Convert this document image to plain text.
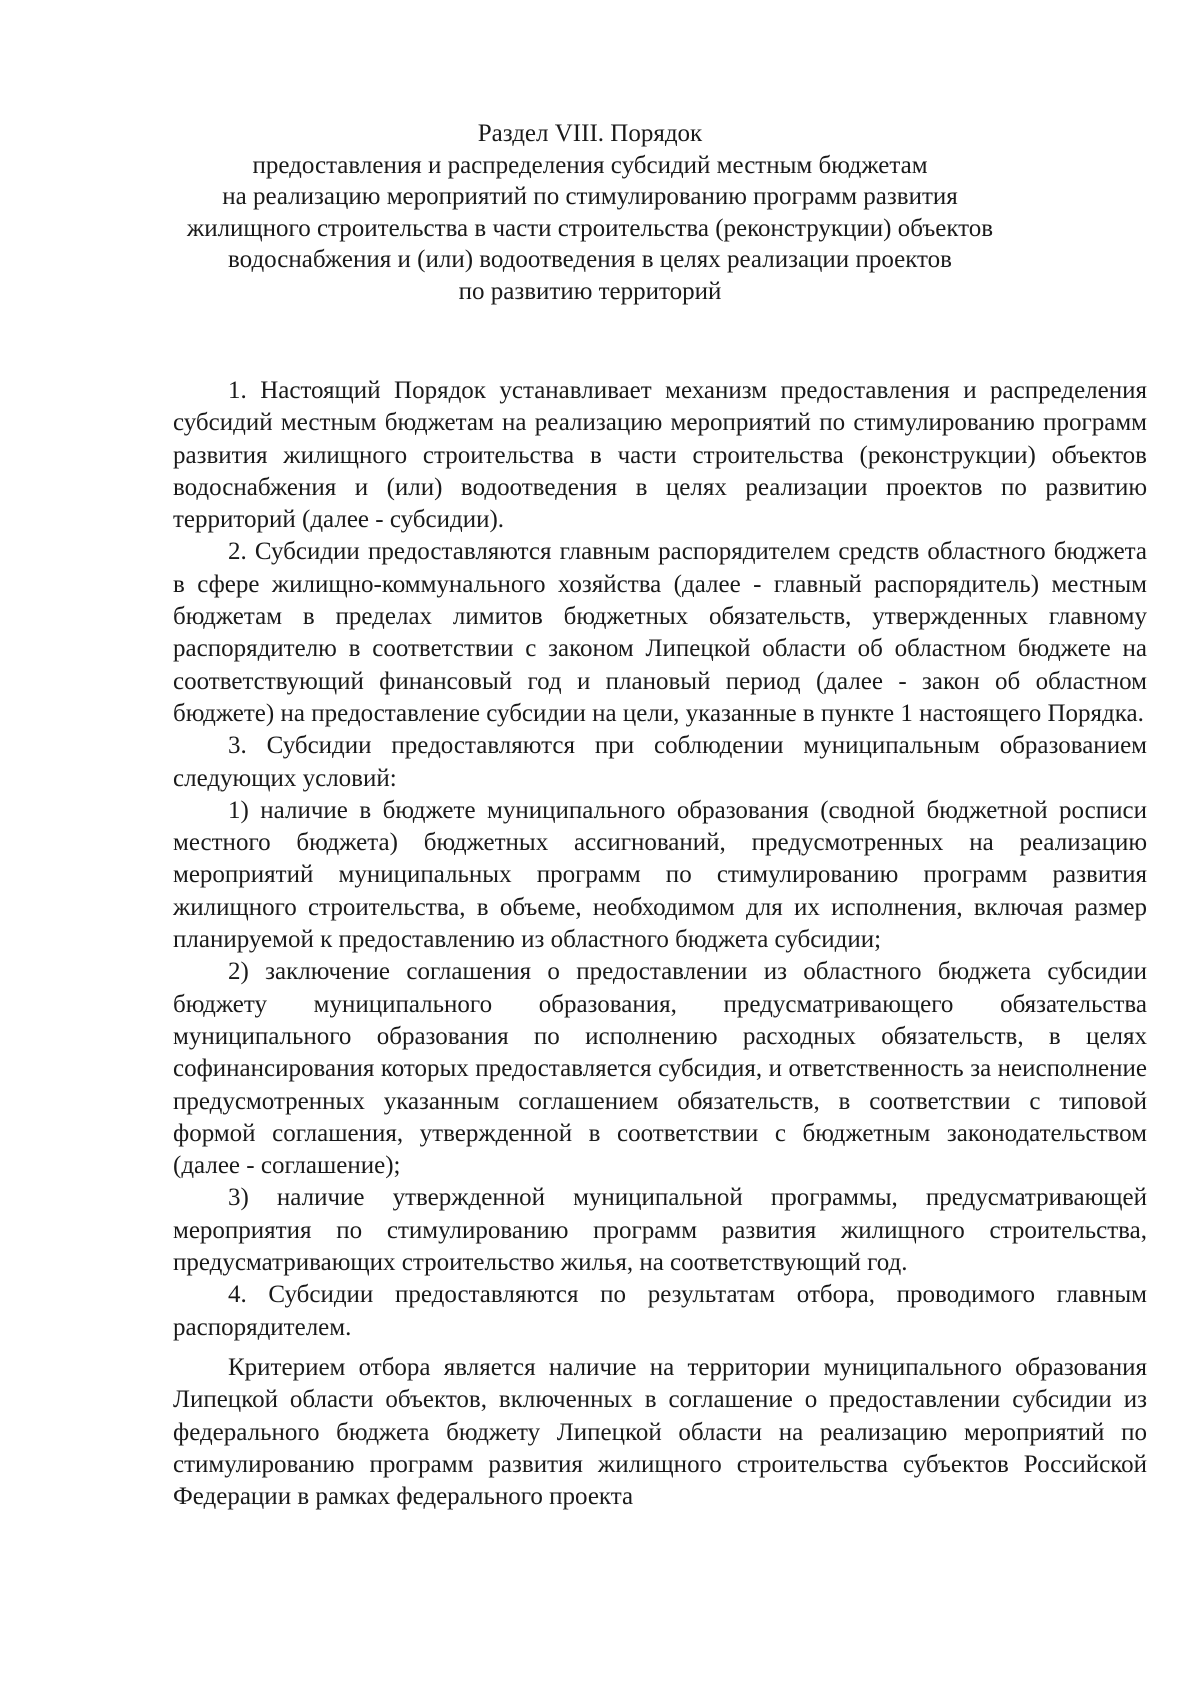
Раздел VIII. Порядок
предоставления и распределения субсидий местным бюджетам
на реализацию мероприятий по стимулированию программ развития
жилищного строительства в части строительства (реконструкции) объектов
водоснабжения и (или) водоотведения в целях реализации проектов
по развитию территорий

1. Настоящий Порядок устанавливает механизм предоставления и распределения субсидий местным бюджетам на реализацию мероприятий по стимулированию программ развития жилищного строительства в части строительства (реконструкции) объектов водоснабжения и (или) водоотведения в целях реализации проектов по развитию территорий (далее - субсидии).

2. Субсидии предоставляются главным распорядителем средств областного бюджета в сфере жилищно-коммунального хозяйства (далее - главный распорядитель) местным бюджетам в пределах лимитов бюджетных обязательств, утвержденных главному распорядителю в соответствии с законом Липецкой области об областном бюджете на соответствующий финансовый год и плановый период (далее - закон об областном бюджете) на предоставление субсидии на цели, указанные в пункте 1 настоящего Порядка.

3. Субсидии предоставляются при соблюдении муниципальным образованием следующих условий:

1) наличие в бюджете муниципального образования (сводной бюджетной росписи местного бюджета) бюджетных ассигнований, предусмотренных на реализацию мероприятий муниципальных программ по стимулированию программ развития жилищного строительства, в объеме, необходимом для их исполнения, включая размер планируемой к предоставлению из областного бюджета субсидии;

2) заключение соглашения о предоставлении из областного бюджета субсидии бюджету муниципального образования, предусматривающего обязательства муниципального образования по исполнению расходных обязательств, в целях софинансирования которых предоставляется субсидия, и ответственность за неисполнение предусмотренных указанным соглашением обязательств, в соответствии с типовой формой соглашения, утвержденной в соответствии с бюджетным законодательством (далее - соглашение);

3) наличие утвержденной муниципальной программы, предусматривающей мероприятия по стимулированию программ развития жилищного строительства, предусматривающих строительство жилья, на соответствующий год.

4. Субсидии предоставляются по результатам отбора, проводимого главным распорядителем.

Критерием отбора является наличие на территории муниципального образования Липецкой области объектов, включенных в соглашение о предоставлении субсидии из федерального бюджета бюджету Липецкой области на реализацию мероприятий по стимулированию программ развития жилищного строительства субъектов Российской Федерации в рамках федерального проекта
